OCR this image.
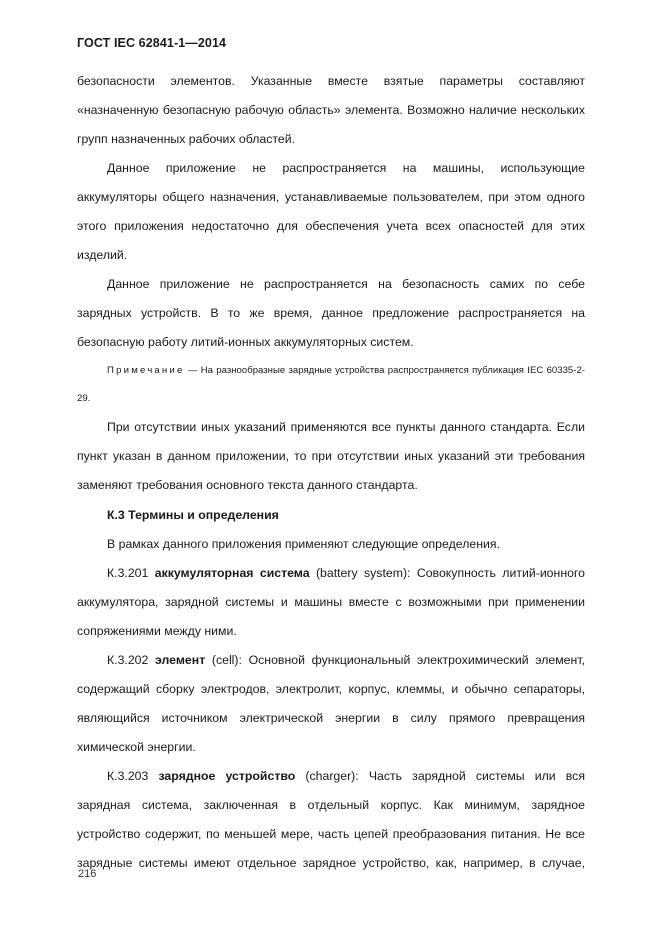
ГОСТ IEC 62841-1—2014

безопасности элементов. Указанные вместе взятые параметры составляют «назначенную безопасную рабочую область» элемента. Возможно наличие нескольких групп назначенных рабочих областей.

Данное приложение не распространяется на машины, использующие аккумуляторы общего назначения, устанавливаемые пользователем, при этом одного этого приложения недостаточно для обеспечения учета всех опасностей для этих изделий.

Данное приложение не распространяется на безопасность самих по себе зарядных устройств. В то же время, данное предложение распространяется на безопасную работу литий-ионных аккумуляторных систем.

Примечание — На разнообразные зарядные устройства распространяется публикация IEC 60335-2-29.

При отсутствии иных указаний применяются все пункты данного стандарта. Если пункт указан в данном приложении, то при отсутствии иных указаний эти требования заменяют требования основного текста данного стандарта.

К.3 Термины и определения

В рамках данного приложения применяют следующие определения.

К.3.201 аккумуляторная система (battery system): Совокупность литий-ионного аккумулятора, зарядной системы и машины вместе с возможными при применении сопряжениями между ними.

К.3.202 элемент (cell): Основной функциональный электрохимический элемент, содержащий сборку электродов, электролит, корпус, клеммы, и обычно сепараторы, являющийся источником электрической энергии в силу прямого превращения химической энергии.

К.3.203 зарядное устройство (charger): Часть зарядной системы или вся зарядная система, заключенная в отдельный корпус. Как минимум, зарядное устройство содержит, по меньшей мере, часть цепей преобразования питания. Не все зарядные системы имеют отдельное зарядное устройство, как, например, в случае,

216
